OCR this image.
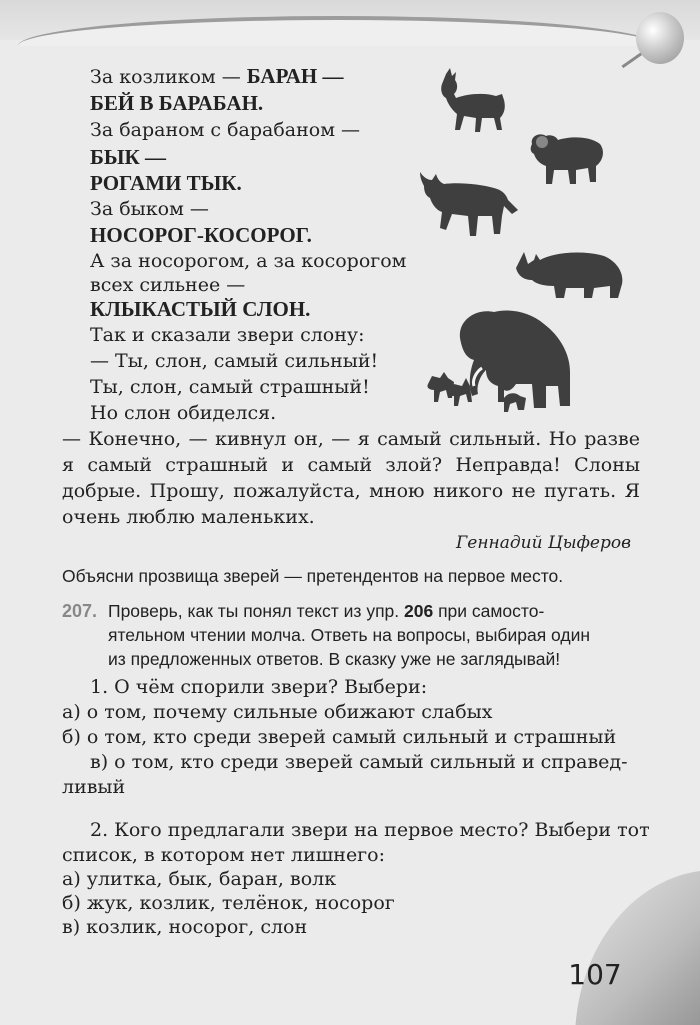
За козликом — БАРАН —
БЕЙ В БАРАБАН.
За бараном с барабаном —
БЫК —
РОГАМИ ТЫК.
За быком —
НОСОРОГ-КОСОРОГ.
А за носорогом, а за косорогом
всех сильнее —
КЛЫКАСТЫЙ СЛОН.
Так и сказали звери слону:
— Ты, слон, самый сильный!
Ты, слон, самый страшный!
Но слон обиделся.
— Конечно, — кивнул он, — я самый сильный. Но разве я самый страшный и самый злой? Неправда! Слоны добрые. Прошу, пожалуйста, мною никого не пугать. Я очень люблю маленьких.
Геннадий Цыферов
Объясни прозвища зверей — претендентов на первое место.
207. Проверь, как ты понял текст из упр. 206 при самосто-
ятельном чтении молча. Ответь на вопросы, выбирая один
из предложенных ответов. В сказку уже не заглядывай!
1. О чём спорили звери? Выбери:
а) о том, почему сильные обижают слабых
б) о том, кто среди зверей самый сильный и страшный
в) о том, кто среди зверей самый сильный и справед-
ливый
2. Кого предлагали звери на первое место? Выбери тот
список, в котором нет лишнего:
а) улитка, бык, баран, волк
б) жук, козлик, телёнок, носорог
в) козлик, носорог, слон
107
